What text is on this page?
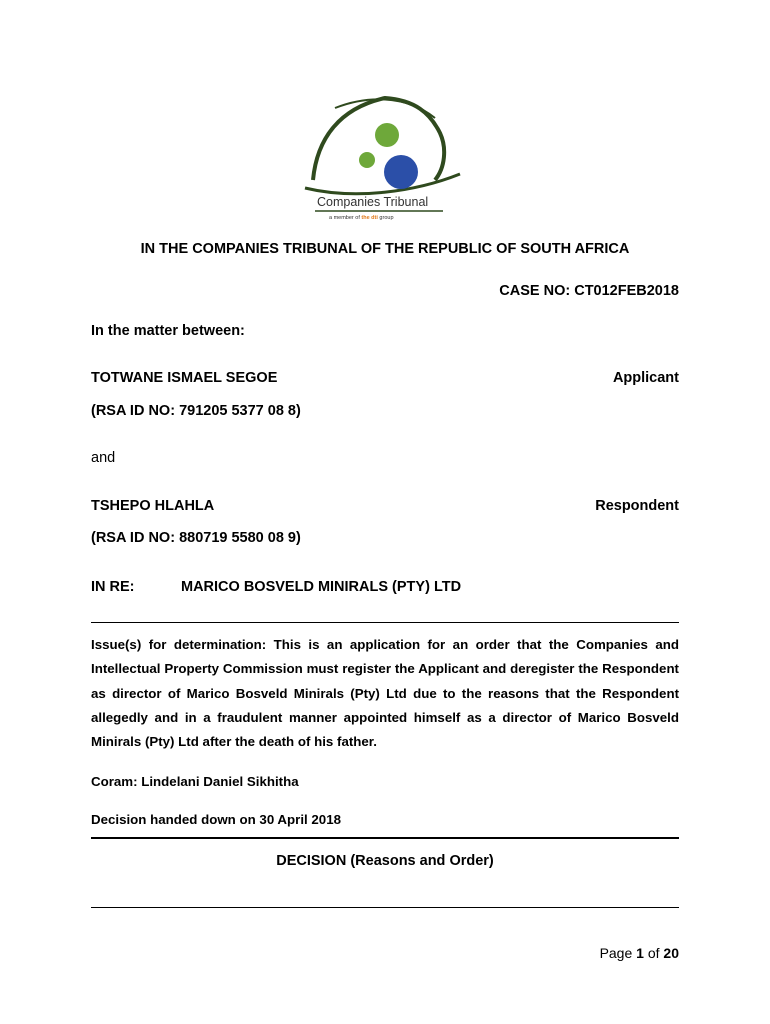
Companies Tribunal
a member of the dti group
IN THE COMPANIES TRIBUNAL OF THE REPUBLIC OF SOUTH AFRICA
CASE NO: CT012FEB2018
In the matter between:
TOTWANE ISMAEL SEGOE	Applicant
(RSA ID NO: 791205 5377 08 8)
and
TSHEPO HLAHLA	Respondent
(RSA ID NO: 880719 5580 08 9)
IN RE:	MARICO BOSVELD MINIRALS (PTY) LTD
Issue(s) for determination: This is an application for an order that the Companies and Intellectual Property Commission must register the Applicant and deregister the Respondent as director of Marico Bosveld Minirals (Pty) Ltd due to the reasons that the Respondent allegedly and in a fraudulent manner appointed himself as a director of Marico Bosveld Minirals (Pty) Ltd after the death of his father.
Coram: Lindelani Daniel Sikhitha
Decision handed down on 30 April 2018
DECISION (Reasons and Order)
Page 1 of 20
